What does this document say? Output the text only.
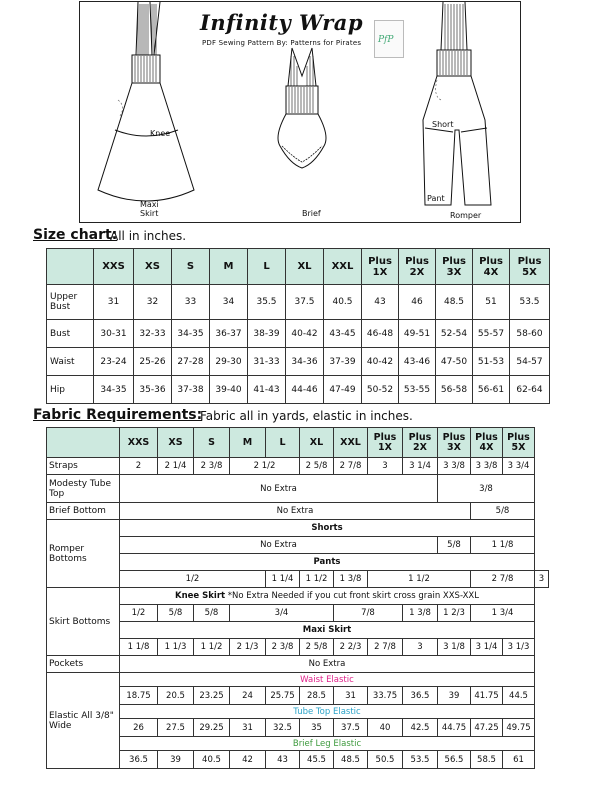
Infinity Wrap
PDF Sewing Pattern By: Patterns for Pirates PfP
Knee
Maxi
Skirt	Brief
Short
Pant
Romper
Size chart:
All in inches.
	XXS	XS	S	M	L	XL	XXL	Plus 1X	Plus 2X	Plus 3X	Plus 4X	Plus 5X
Upper Bust	31	32	33	34	35.5	37.5	40.5	43	46	48.5	51	53.5
Bust	30-31	32-33	34-35	36-37	38-39	40-42	43-45	46-48	49-51	52-54	55-57	58-60
Waist	23-24	25-26	27-28	29-30	31-33	34-36	37-39	40-42	43-46	47-50	51-53	54-57
Hip	34-35	35-36	37-38	39-40	41-43	44-46	47-49	50-52	53-55	56-58	56-61	62-64
Fabric Requirements:
Fabric all in yards, elastic in inches.
	XXS	XS	S	M	L	XL	XXL	Plus 1X	Plus 2X	Plus 3X	Plus 4X	Plus 5X	
Straps	2	2 1/4	2 3/8	2 1/2		2 5/8	2 7/8	3	3 1/4	3 3/8	3 3/8	3 3/4	
Modesty Tube Top	No Extra									3/8			
Brief Bottom	No Extra										5/8		
Romper Bottoms	Shorts												
	No Extra									5/8	1 1/8		
	Pants												
	1/2				1 1/4	1 1/2	1 3/8	1 1/2			2 7/8		3
Skirt Bottoms	Knee Skirt *No Extra Needed if you cut front skirt cross grain XXS-XXL												
	1/2	5/8	5/8	3/4			7/8		1 3/8	1 2/3	1 3/4		
	Maxi Skirt												
	1 1/8	1 1/3	1 1/2	2 1/3	2 3/8	2 5/8	2 2/3	2 7/8	3	3 1/8	3 1/4	3 1/3	
Pockets	No Extra												
Elastic All 3/8" Wide	Waist Elastic												
	18.75	20.5	23.25	24	25.75	28.5	31	33.75	36.5	39	41.75	44.5	
	Tube Top Elastic												
	26	27.5	29.25	31	32.5	35	37.5	40	42.5	44.75	47.25	49.75	
	Brief Leg Elastic												
	36.5	39	40.5	42	43	45.5	48.5	50.5	53.5	56.5	58.5	61	
